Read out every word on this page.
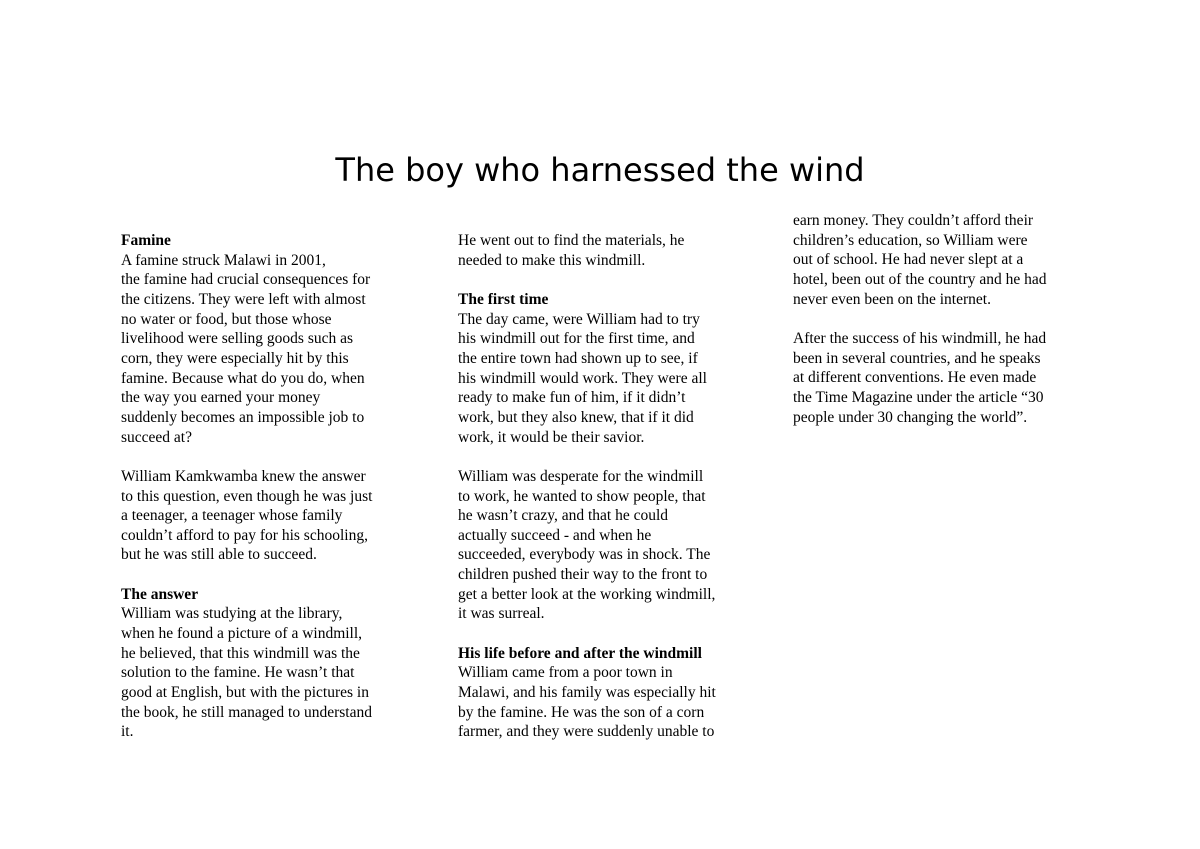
The boy who harnessed the wind

Famine
A famine struck Malawi in 2001,
the famine had crucial consequences for
the citizens. They were left with almost
no water or food, but those whose
livelihood were selling goods such as
corn, they were especially hit by this
famine. Because what do you do, when
the way you earned your money
suddenly becomes an impossible job to
succeed at?

William Kamkwamba knew the answer
to this question, even though he was just
a teenager, a teenager whose family
couldn’t afford to pay for his schooling,
but he was still able to succeed.

The answer
William was studying at the library,
when he found a picture of a windmill,
he believed, that this windmill was the
solution to the famine. He wasn’t that
good at English, but with the pictures in
the book, he still managed to understand
it.

He went out to find the materials, he
needed to make this windmill.

The first time
The day came, were William had to try
his windmill out for the first time, and
the entire town had shown up to see, if
his windmill would work. They were all
ready to make fun of him, if it didn’t
work, but they also knew, that if it did
work, it would be their savior.

William was desperate for the windmill
to work, he wanted to show people, that
he wasn’t crazy, and that he could
actually succeed - and when he
succeeded, everybody was in shock. The
children pushed their way to the front to
get a better look at the working windmill,
it was surreal.

His life before and after the windmill
William came from a poor town in
Malawi, and his family was especially hit
by the famine. He was the son of a corn
farmer, and they were suddenly unable to

earn money. They couldn’t afford their
children’s education, so William were
out of school. He had never slept at a
hotel, been out of the country and he had
never even been on the internet.

After the success of his windmill, he had
been in several countries, and he speaks
at different conventions. He even made
the Time Magazine under the article “30
people under 30 changing the world”.
